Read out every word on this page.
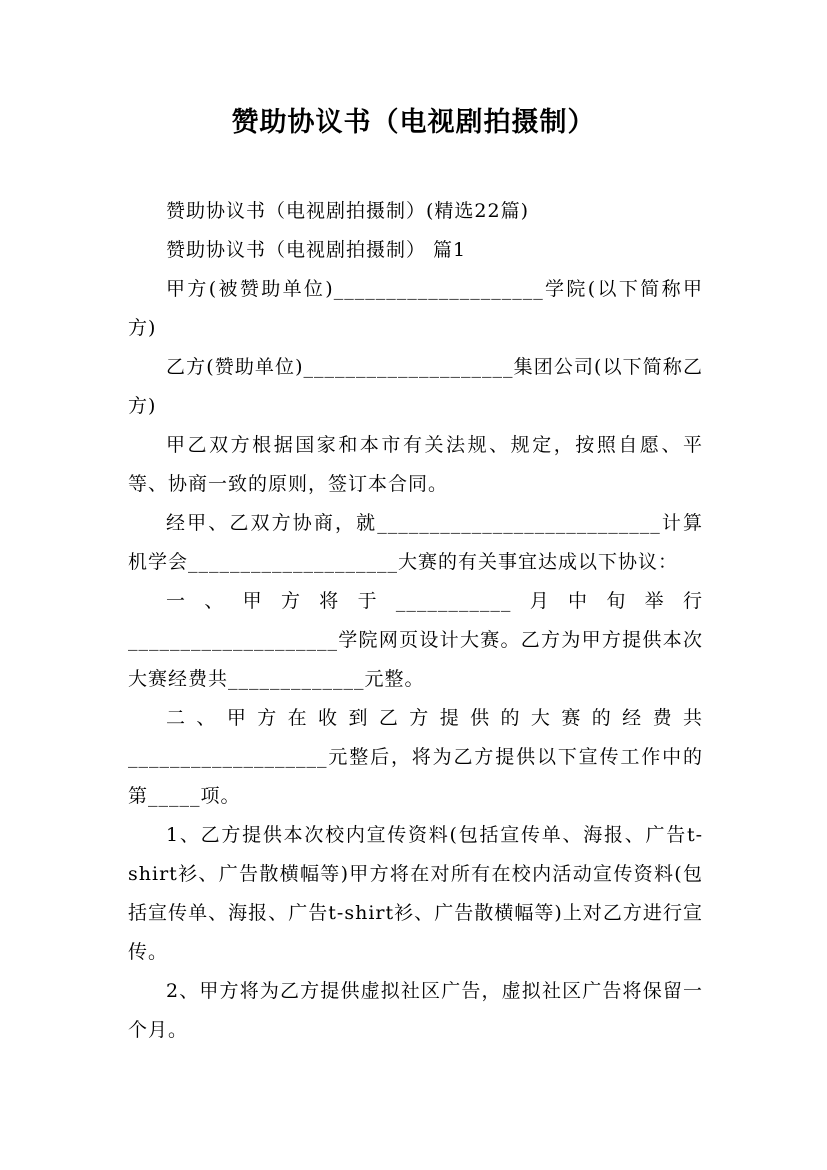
赞助协议书（电视剧拍摄制）

赞助协议书（电视剧拍摄制）(精选22篇)

赞助协议书（电视剧拍摄制） 篇1

甲方(被赞助单位)____________________学院(以下简称甲方)

乙方(赞助单位)____________________集团公司(以下简称乙方)

甲乙双方根据国家和本市有关法规、规定，按照自愿、平等、协商一致的原则，签订本合同。

经甲、乙双方协商，就___________________________计算机学会____________________大赛的有关事宜达成以下协议：

一、甲方将于___________月中旬举行____________________学院网页设计大赛。乙方为甲方提供本次大赛经费共_____________元整。

二、甲方在收到乙方提供的大赛的经费共___________________元整后，将为乙方提供以下宣传工作中的第_____项。

1、乙方提供本次校内宣传资料(包括宣传单、海报、广告t-shirt衫、广告散横幅等)甲方将在对所有在校内活动宣传资料(包括宣传单、海报、广告t-shirt衫、广告散横幅等)上对乙方进行宣传。

2、甲方将为乙方提供虚拟社区广告，虚拟社区广告将保留一个月。
